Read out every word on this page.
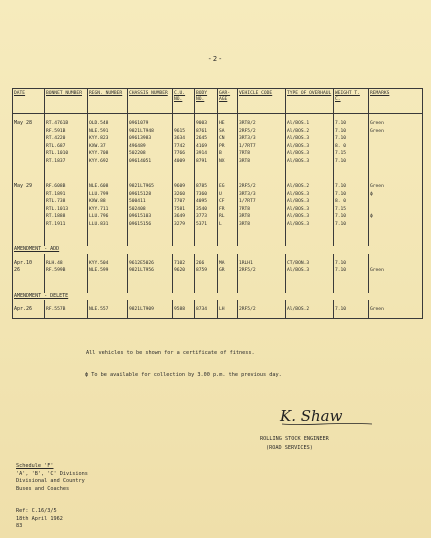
-2-
DATE	BONNET NUMBER	REGN. NUMBER	CHASSIS NUMBER	C.U. NO.	BODY NO.	GAR-AGE	VEHICLE CODE	TYPE OF OVERHAUL	WEIGHT T. C.	REMARKS

May 28	RT.4761B	OLD.548	0961079		9003	HE	3RT8/2	Al/BOS.1	7.10	Green
	RF.591B	NLE.591	9821LT948	9615	8761	SA	2RF5/2	Al/BOS.2	7.10	Green
	RT.4220	KYY.823	09613983	3634	2645	CN	3RT3/3	Al/BOS.3	7.10	
	RTL.687	KXW.37	496489	7742	4169	PR	1/7RT7	Al/BOS.3	8. 0	
	RTL.1010	KYY.708	502208	7766	3914	B	7RT8	Al/BOS.3	7.15	
	RT.1837	KYY.692	09614051	4009	8791	NX	3RT8	Al/BOS.3	7.10	

May 29	RF.608B	NLE.608	9821LT965	9609	8785	EG	2RF5/2	Al/BOS.2	7.10	Green
	RT.1891	LLU.799	09615128	3260	7360	U	3RT3/3	Al/BOS.3	7.10	ϕ
	RTL.738	KXW.88	500411	7707	4095	CF	1/7RT7	Al/BOS.3	8. 0	
	RTL.1013	KYY.711	502408	7581	3540	FR	7RT8	Al/BOS.3	7.15	
	RT.1888	LLU.796	09615103	3649	3773	RL	3RT8	Al/BOS.3	7.10	ϕ
	RT.1911	LLU.831	09615156	3279	5371	L	3RT8	Al/BOS.3	7.10	

AMENDMENT - ADD										

Apr.10	RLH.48	KYY.504	9612E5026	7102	266	MA	1RLH1	CT/BON.3	7.10	
26	RF.599B	NLE.599	9821LT956	9620	8759	GR	2RF5/2	Al/BOS.3	7.10	Green

AMENDMENT - DELETE										

Apr.26	RF.557B	NLE.557	9821LT909	9588	8734	LH	2RF5/2	Al/BOS.2	7.10	Green

All vehicles to be shown for a certificate of fitness.
ϕ To be available for collection by 3.00 p.m. the previous day.
K. Shaw
ROLLING STOCK ENGINEER
(ROAD SERVICES)
Schedule 'F'
'A', 'B', 'C' Divisions
Divisional and Country
Buses and Coaches
Ref: C.16/3/5
18th April 1962
83
